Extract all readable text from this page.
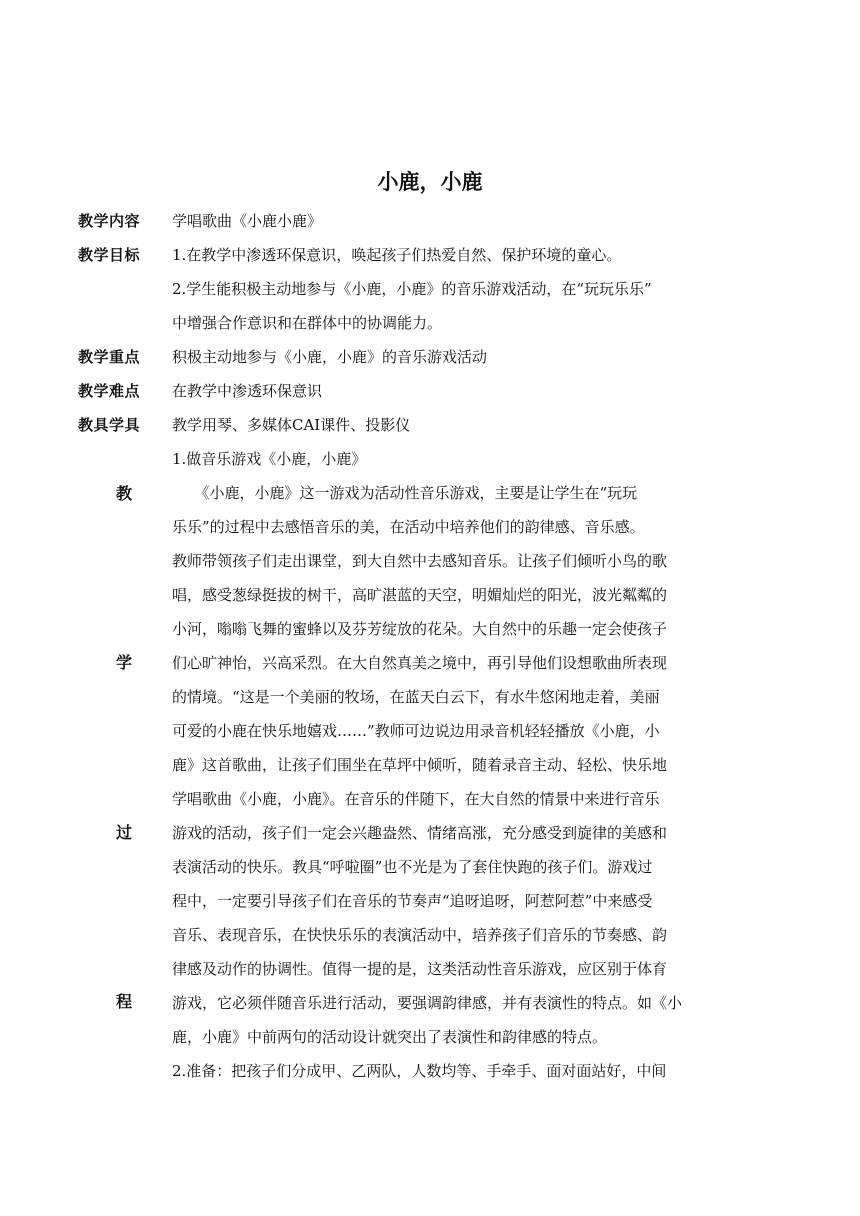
小鹿，小鹿
教学内容 学唱歌曲《小鹿小鹿》
教学目标 1.在教学中渗透环保意识，唤起孩子们热爱自然、保护环境的童心。
2.学生能积极主动地参与《小鹿，小鹿》的音乐游戏活动，在“玩玩乐乐”
中增强合作意识和在群体中的协调能力。
教学重点 积极主动地参与《小鹿，小鹿》的音乐游戏活动
教学难点 在教学中渗透环保意识
教具学具 教学用琴、多媒体CAI课件、投影仪
教
学
过
程
1.做音乐游戏《小鹿，小鹿》
　　《小鹿，小鹿》这一游戏为活动性音乐游戏，主要是让学生在“玩玩
乐乐”的过程中去感悟音乐的美，在活动中培养他们的韵律感、音乐感。
教师带领孩子们走出课堂，到大自然中去感知音乐。让孩子们倾听小鸟的歌
唱，感受葱绿挺拔的树干，高旷湛蓝的天空，明媚灿烂的阳光，波光粼粼的
小河，嗡嗡飞舞的蜜蜂以及芬芳绽放的花朵。大自然中的乐趣一定会使孩子
们心旷神怡，兴高采烈。在大自然真美之境中，再引导他们设想歌曲所表现
的情境。“这是一个美丽的牧场，在蓝天白云下，有水牛悠闲地走着，美丽
可爱的小鹿在快乐地嬉戏……”教师可边说边用录音机轻轻播放《小鹿，小
鹿》这首歌曲，让孩子们围坐在草坪中倾听，随着录音主动、轻松、快乐地
学唱歌曲《小鹿，小鹿》。在音乐的伴随下，在大自然的情景中来进行音乐
游戏的活动，孩子们一定会兴趣盎然、情绪高涨，充分感受到旋律的美感和
表演活动的快乐。教具“呼啦圈”也不光是为了套住快跑的孩子们。游戏过
程中，一定要引导孩子们在音乐的节奏声“追呀追呀，阿惹阿惹”中来感受
音乐、表现音乐，在快快乐乐的表演活动中，培养孩子们音乐的节奏感、韵
律感及动作的协调性。值得一提的是，这类活动性音乐游戏，应区别于体育
游戏，它必须伴随音乐进行活动，要强调韵律感，并有表演性的特点。如《小
鹿，小鹿》中前两句的活动设计就突出了表演性和韵律感的特点。
2.准备：把孩子们分成甲、乙两队，人数均等、手牵手、面对面站好，中间
